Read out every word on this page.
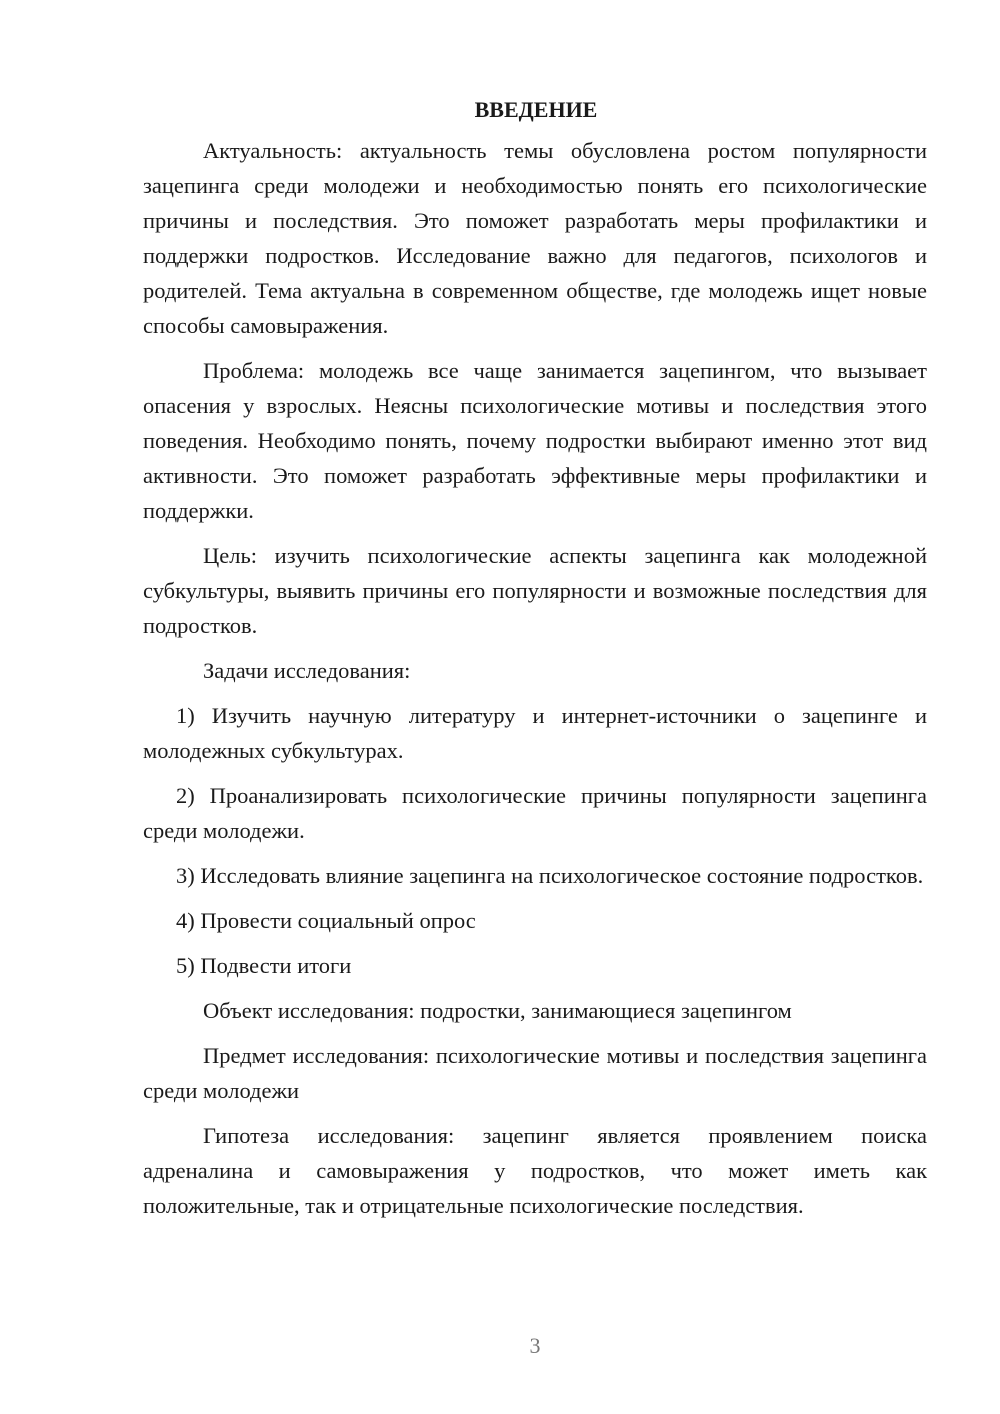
ВВЕДЕНИЕ

Актуальность: актуальность темы обусловлена ростом популярности зацепинга среди молодежи и необходимостью понять его психологические причины и последствия. Это поможет разработать меры профилактики и поддержки подростков. Исследование важно для педагогов, психологов и родителей. Тема актуальна в современном обществе, где молодежь ищет новые способы самовыражения.

Проблема: молодежь все чаще занимается зацепингом, что вызывает опасения у взрослых. Неясны психологические мотивы и последствия этого поведения. Необходимо понять, почему подростки выбирают именно этот вид активности. Это поможет разработать эффективные меры профилактики и поддержки.

Цель: изучить психологические аспекты зацепинга как молодежной субкультуры, выявить причины его популярности и возможные последствия для подростков.

Задачи исследования:

1) Изучить научную литературу и интернет-источники о зацепинге и молодежных субкультурах.

2) Проанализировать психологические причины популярности зацепинга среди молодежи.

3) Исследовать влияние зацепинга на психологическое состояние подростков.

4) Провести социальный опрос

5) Подвести итоги

Объект исследования: подростки, занимающиеся зацепингом

Предмет исследования: психологические мотивы и последствия зацепинга среди молодежи

Гипотеза исследования: зацепинг является проявлением поиска адреналина и самовыражения у подростков, что может иметь как положительные, так и отрицательные психологические последствия.

3
